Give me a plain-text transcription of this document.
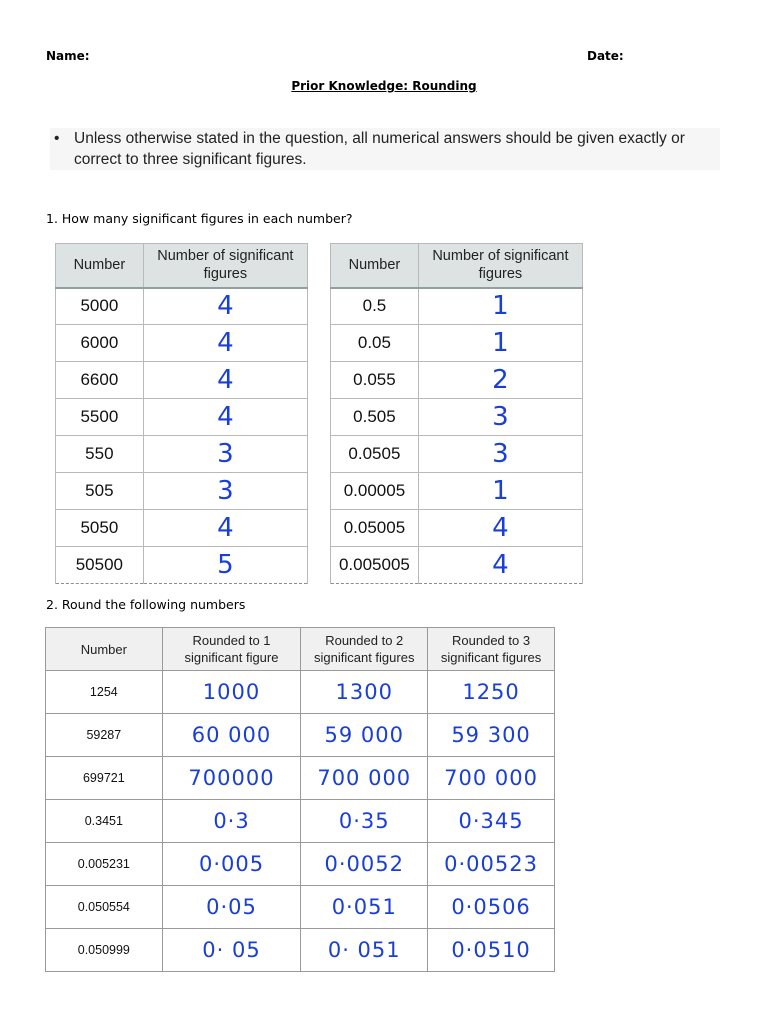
Name:	Date:
Prior Knowledge: Rounding
• Unless otherwise stated in the question, all numerical answers should be given exactly or correct to three significant figures.
1. How many significant figures in each number?
Number	Number of significant figures
5000	4
6000	4
6600	4
5500	4
550	3
505	3
5050	4
50500	5
Number	Number of significant figures
0.5	1
0.05	1
0.055	2
0.505	3
0.0505	3
0.00005	1
0.05005	4
0.005005	4
2. Round the following numbers
Number	Rounded to 1 significant figure	Rounded to 2 significant figures	Rounded to 3 significant figures
1254	1000	1300	1250
59287	60 000	59 000	59 300
699721	700000	700 000	700 000
0.3451	0·3	0·35	0·345
0.005231	0·005	0·0052	0·00523
0.050554	0·05	0·051	0·0506
0.050999	0· 05	0· 051	0·0510
